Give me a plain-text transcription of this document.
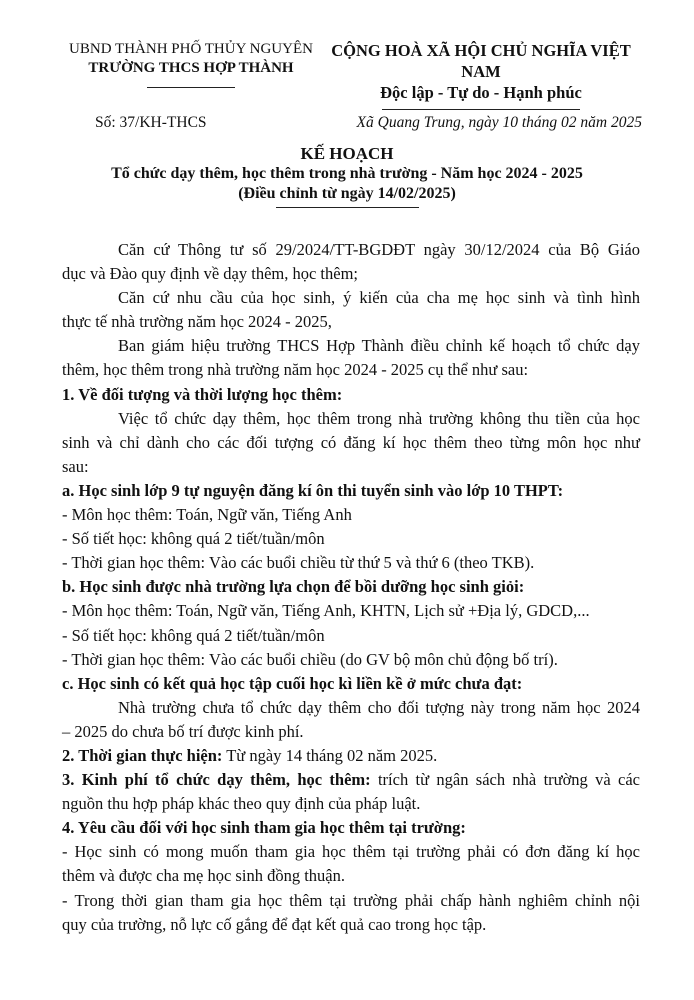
UBND THÀNH PHỐ THỦY NGUYÊN
TRƯỜNG THCS HỢP THÀNH
CỘNG HOÀ XÃ HỘI CHỦ NGHĨA VIỆT NAM
Độc lập - Tự do - Hạnh phúc
Số: 37/KH-THCS	Xã Quang Trung, ngày 10 tháng 02 năm 2025
KẾ HOẠCH
Tổ chức dạy thêm, học thêm trong nhà trường - Năm học 2024 - 2025
(Điều chỉnh từ ngày 14/02/2025)
Căn cứ Thông tư số 29/2024/TT-BGDĐT ngày 30/12/2024 của Bộ Giáo
dục và Đào quy định về dạy thêm, học thêm;
Căn cứ nhu cầu của học sinh, ý kiến của cha mẹ học sinh và tình hình
thực tế nhà trường năm học 2024 - 2025,
Ban giám hiệu trường THCS Hợp Thành điều chỉnh kế hoạch tổ chức dạy
thêm, học thêm trong nhà trường năm học 2024 - 2025 cụ thể như sau:
1. Về đối tượng và thời lượng học thêm:
Việc tổ chức dạy thêm, học thêm trong nhà trường không thu tiền của học
sinh và chỉ dành cho các đối tượng có đăng kí học thêm theo từng môn học như
sau:
a. Học sinh lớp 9 tự nguyện đăng kí ôn thi tuyển sinh vào lớp 10 THPT:
- Môn học thêm: Toán, Ngữ văn, Tiếng Anh
- Số tiết học: không quá 2 tiết/tuần/môn
- Thời gian học thêm: Vào các buổi chiều từ thứ 5 và thứ 6 (theo TKB).
b. Học sinh được nhà trường lựa chọn để bồi dưỡng học sinh giỏi:
- Môn học thêm: Toán, Ngữ văn, Tiếng Anh, KHTN, Lịch sử +Địa lý, GDCD,...
- Số tiết học: không quá 2 tiết/tuần/môn
- Thời gian học thêm: Vào các buổi chiều (do GV bộ môn chủ động bố trí).
c. Học sinh có kết quả học tập cuối học kì liền kề ở mức chưa đạt:
Nhà trường chưa tổ chức dạy thêm cho đối tượng này trong năm học 2024
– 2025 do chưa bố trí được kinh phí.
2. Thời gian thực hiện: Từ ngày 14 tháng 02 năm 2025.
3. Kinh phí tổ chức dạy thêm, học thêm: trích từ ngân sách nhà trường và các
nguồn thu hợp pháp khác theo quy định của pháp luật.
4. Yêu cầu đối với học sinh tham gia học thêm tại trường:
- Học sinh có mong muốn tham gia học thêm tại trường phải có đơn đăng kí học
thêm và được cha mẹ học sinh đồng thuận.
- Trong thời gian tham gia học thêm tại trường phải chấp hành nghiêm chỉnh nội
quy của trường, nỗ lực cố gắng để đạt kết quả cao trong học tập.
